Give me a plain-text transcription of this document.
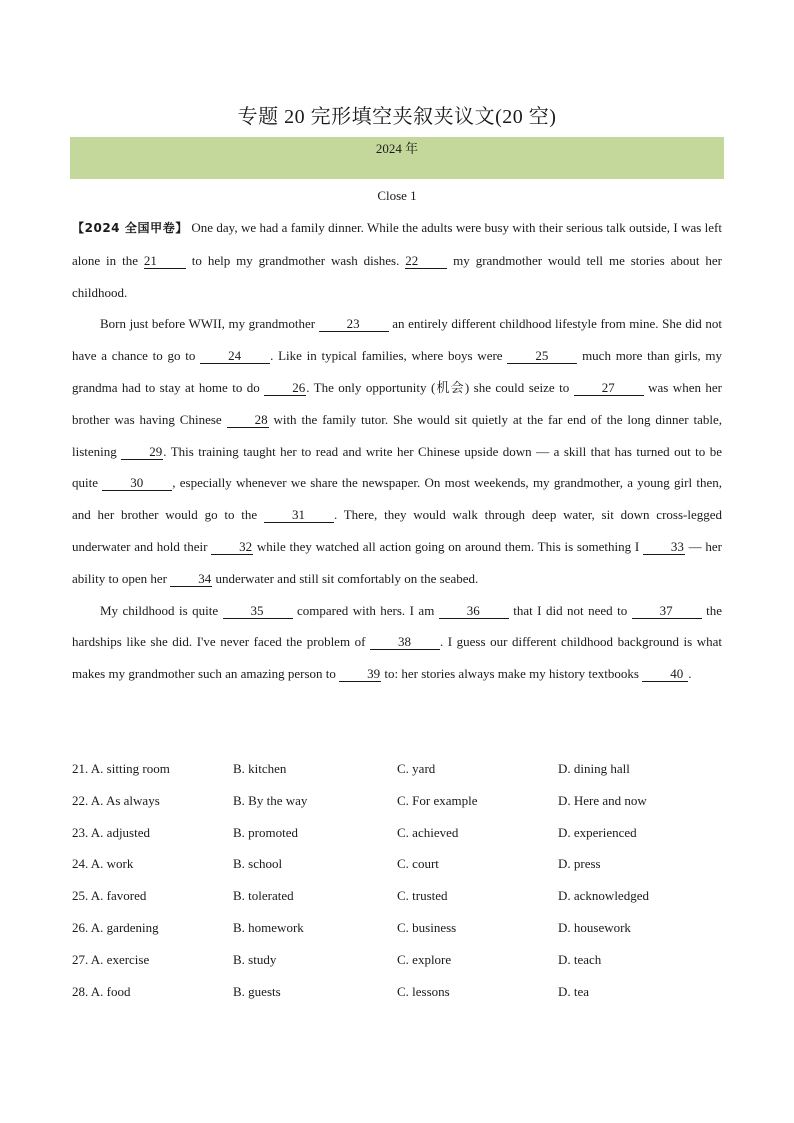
专题 20 完形填空夹叙夹议文(20 空)
2024 年
Close 1

【2024 全国甲卷】 One day, we had a family dinner. While the adults were busy with their serious talk outside, I was left alone in the 21 to help my grandmother wash dishes. 22 my grandmother would tell me stories about her childhood.

Born just before WWII, my grandmother 23 an entirely different childhood lifestyle from mine. She did not have a chance to go to 24 . Like in typical families, where boys were 25 much more than girls, my grandma had to stay at home to do 26. The only opportunity (机会) she could seize to 27 was when her brother was having Chinese 28 with the family tutor. She would sit quietly at the far end of the long dinner table, listening 29. This training taught her to read and write her Chinese upside down — a skill that has turned out to be quite 30 , especially whenever we share the newspaper. On most weekends, my grandmother, a young girl then, and her brother would go to the 31 . There, they would walk through deep water, sit down cross-legged underwater and hold their 32 while they watched all action going on around them. This is something I 33 — her ability to open her 34 underwater and still sit comfortably on the seabed.

My childhood is quite 35 compared with hers. I am 36 that I did not need to 37 the hardships like she did. I've never faced the problem of 38 . I guess our different childhood background is what makes my grandmother such an amazing person to 39 to: her stories always make my history textbooks 40 .

21. A. sitting room	B. kitchen	C. yard	D. dining hall
22. A. As always	B. By the way	C. For example	D. Here and now
23. A. adjusted	B. promoted	C. achieved	D. experienced
24. A. work	B. school	C. court	D. press
25. A. favored	B. tolerated	C. trusted	D. acknowledged
26. A. gardening	B. homework	C. business	D. housework
27. A. exercise	B. study	C. explore	D. teach
28. A. food	B. guests	C. lessons	D. tea
